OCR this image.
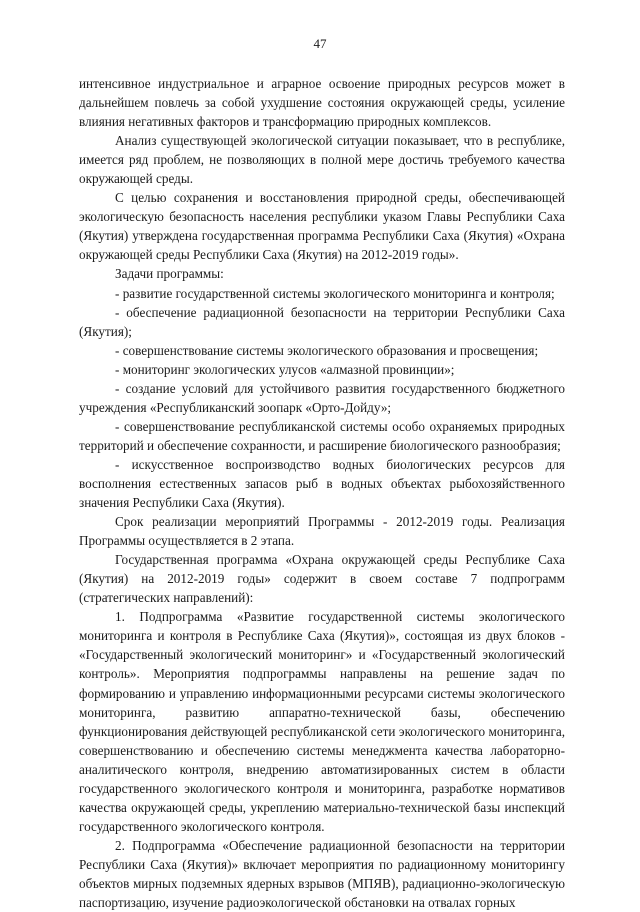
47

интенсивное индустриальное и аграрное освоение природных ресурсов может в дальнейшем повлечь за собой ухудшение состояния окружающей среды, усиление влияния негативных факторов и трансформацию природных комплексов.

Анализ существующей экологической ситуации показывает, что в республике, имеется ряд проблем, не позволяющих в полной мере достичь требуемого качества окружающей среды.

С целью сохранения и восстановления природной среды, обеспечивающей экологическую безопасность населения республики указом Главы Республики Саха (Якутия) утверждена государственная программа Республики Саха (Якутия) «Охрана окружающей среды Республики Саха (Якутия) на 2012-2019 годы».

Задачи программы:

- развитие государственной системы экологического мониторинга и контроля;

- обеспечение радиационной безопасности на территории Республики Саха (Якутия);

- совершенствование системы экологического образования и просвещения;

- мониторинг экологических улусов «алмазной провинции»;

- создание условий для устойчивого развития государственного бюджетного учреждения «Республиканский зоопарк «Орто-Дойду»;

- совершенствование республиканской системы особо охраняемых природных территорий и обеспечение сохранности, и расширение биологического разнообразия;

- искусственное воспроизводство водных биологических ресурсов для восполнения естественных запасов рыб в водных объектах рыбохозяйственного значения Республики Саха (Якутия).

Срок реализации мероприятий Программы - 2012-2019 годы. Реализация Программы осуществляется в 2 этапа.

Государственная программа «Охрана окружающей среды Республике Саха (Якутия) на 2012-2019 годы» содержит в своем составе 7 подпрограмм (стратегических направлений):

1. Подпрограмма «Развитие государственной системы экологического мониторинга и контроля в Республике Саха (Якутия)», состоящая из двух блоков - «Государственный экологический мониторинг» и «Государственный экологический контроль». Мероприятия подпрограммы направлены на решение задач по формированию и управлению информационными ресурсами системы экологического мониторинга, развитию аппаратно-технической базы, обеспечению функционирования действующей республиканской сети экологического мониторинга, совершенствованию и обеспечению системы менеджмента качества лабораторно-аналитического контроля, внедрению автоматизированных систем в области государственного экологического контроля и мониторинга, разработке нормативов качества окружающей среды, укреплению материально-технической базы инспекций государственного экологического контроля.

2. Подпрограмма «Обеспечение радиационной безопасности на территории Республики Саха (Якутия)» включает мероприятия по радиационному мониторингу объектов мирных подземных ядерных взрывов (МПЯВ), радиационно-экологическую паспортизацию, изучение радиоэкологической обстановки на отвалах горных
